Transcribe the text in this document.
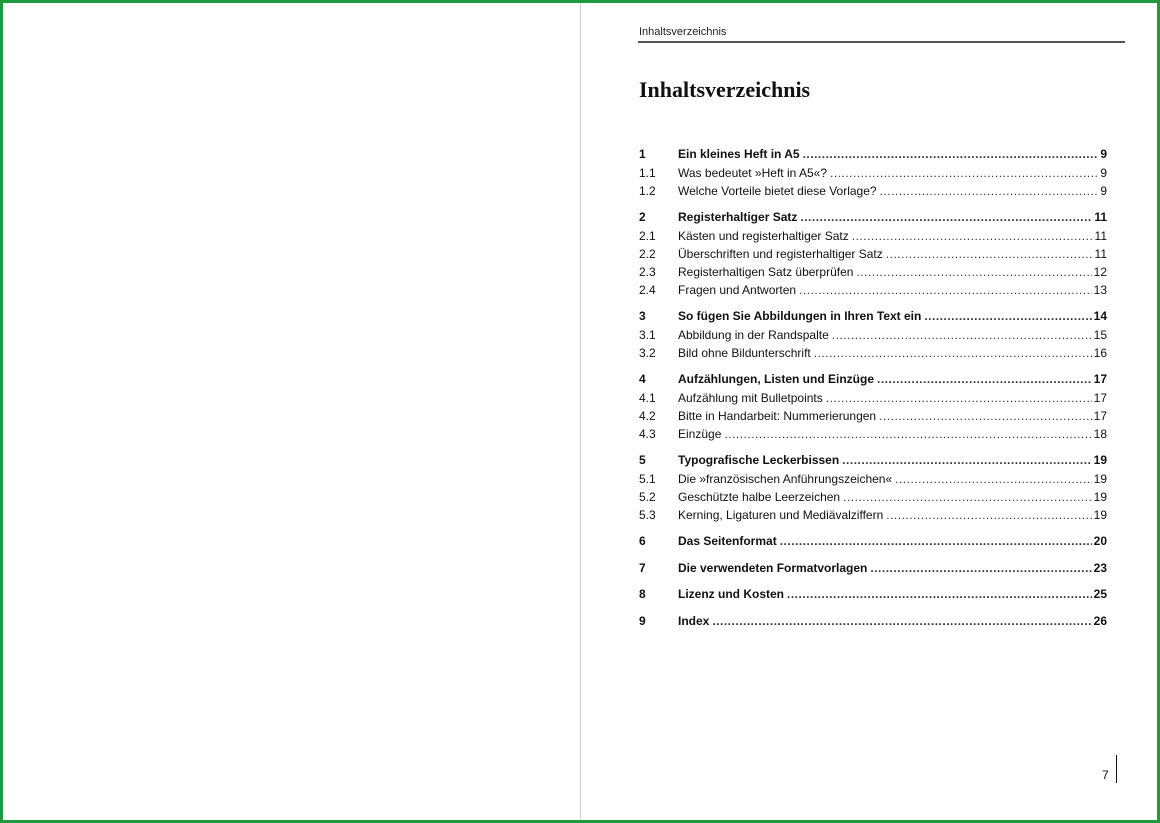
Inhaltsverzeichnis
Inhaltsverzeichnis
1	Ein kleines Heft in A5 .....	9
1.1	Was bedeutet »Heft in A5«? .....	9
1.2	Welche Vorteile bietet diese Vorlage? .....	9
2	Registerhaltiger Satz .....	11
2.1	Kästen und registerhaltiger Satz .....	11
2.2	Überschriften und registerhaltiger Satz .....	11
2.3	Registerhaltigen Satz überprüfen .....	12
2.4	Fragen und Antworten .....	13
3	So fügen Sie Abbildungen in Ihren Text ein .....	14
3.1	Abbildung in der Randspalte .....	15
3.2	Bild ohne Bildunterschrift .....	16
4	Aufzählungen, Listen und Einzüge .....	17
4.1	Aufzählung mit Bulletpoints .....	17
4.2	Bitte in Handarbeit: Nummerierungen .....	17
4.3	Einzüge .....	18
5	Typografische Leckerbissen .....	19
5.1	Die »französischen Anführungszeichen« .....	19
5.2	Geschützte halbe Leerzeichen .....	19
5.3	Kerning, Ligaturen und Mediävalziffern .....	19
6	Das Seitenformat .....	20
7	Die verwendeten Formatvorlagen .....	23
8	Lizenz und Kosten .....	25
9	Index .....	26
7
